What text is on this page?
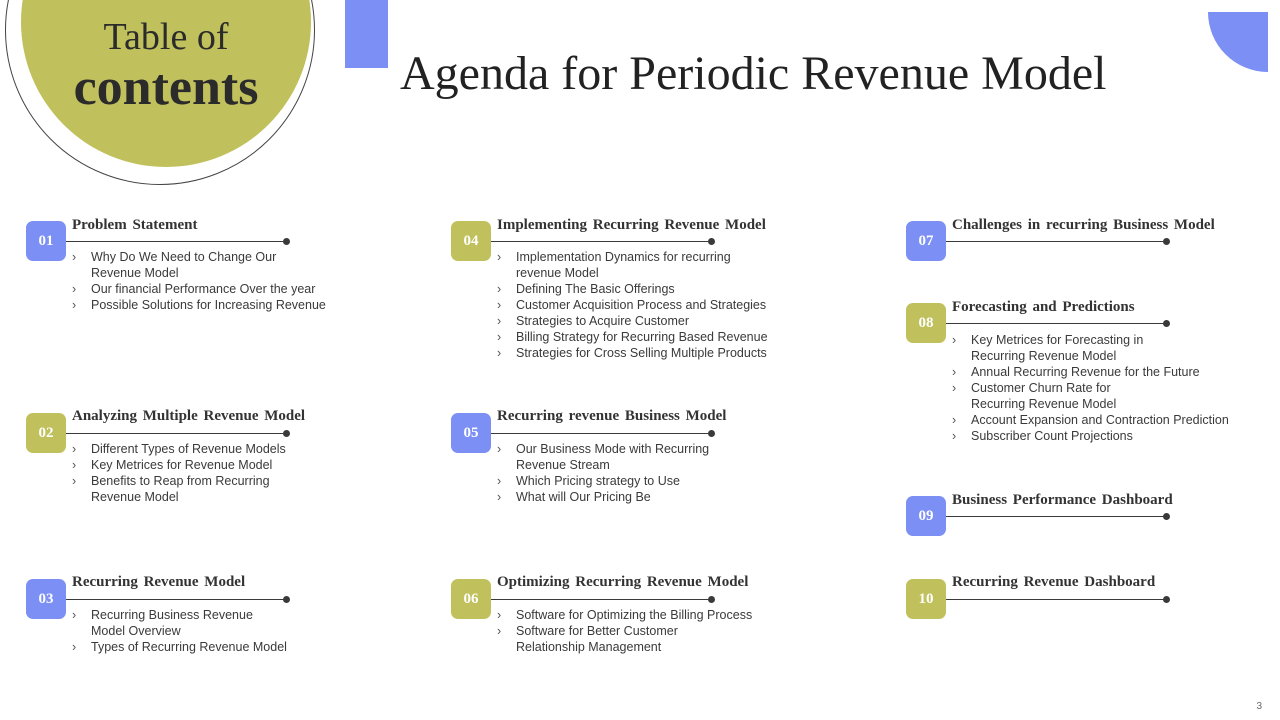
Table of
contents	Agenda for Periodic Revenue Model
01
Problem Statement
› Why Do We Need to Change Our Revenue Model
› Our financial Performance Over the year
› Possible Solutions for Increasing Revenue
02
Analyzing Multiple Revenue Model
› Different Types of Revenue Models
› Key Metrices for Revenue Model
› Benefits to Reap from Recurring Revenue Model
03
Recurring Revenue Model
› Recurring Business Revenue Model Overview
› Types of Recurring Revenue Model
04
Implementing Recurring Revenue Model
› Implementation Dynamics for recurring revenue Model
› Defining The Basic Offerings
› Customer Acquisition Process and Strategies
› Strategies to Acquire Customer
› Billing Strategy for Recurring Based Revenue
› Strategies for Cross Selling Multiple Products
05
Recurring revenue Business Model
› Our Business Mode with Recurring Revenue Stream
› Which Pricing strategy to Use
› What will Our Pricing Be
06
Optimizing Recurring Revenue Model
› Software for Optimizing the Billing Process
› Software for Better Customer Relationship Management
07
Challenges in recurring Business Model
08
Forecasting and Predictions
› Key Metrices for Forecasting in Recurring Revenue Model
› Annual Recurring Revenue for the Future
› Customer Churn Rate for Recurring Revenue Model
› Account Expansion and Contraction Prediction
› Subscriber Count Projections
09
Business Performance Dashboard
10
Recurring Revenue Dashboard
3
